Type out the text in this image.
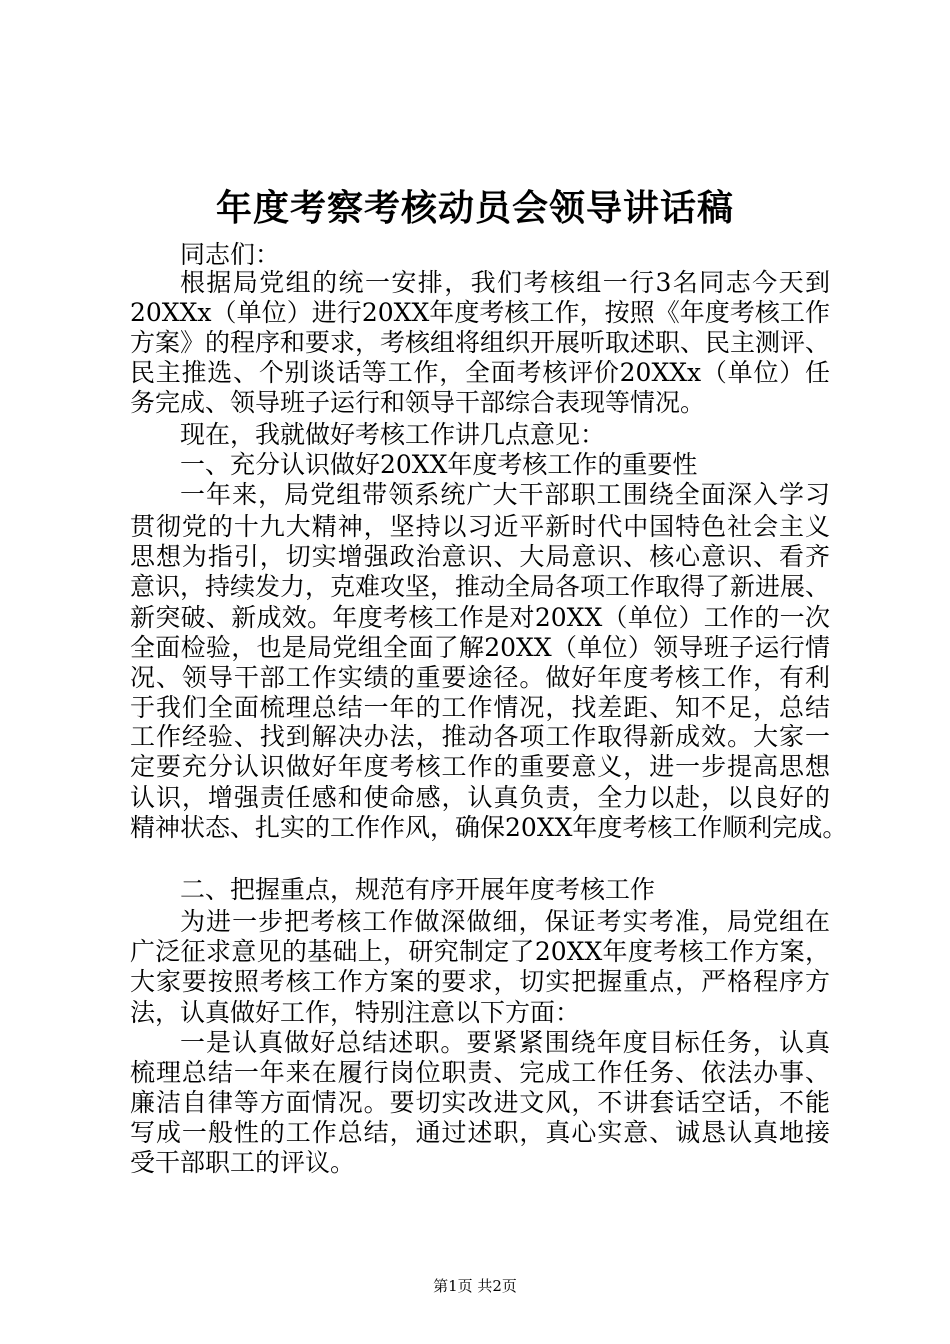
年度考察考核动员会领导讲话稿
同志们：
根据局党组的统一安排，我们考核组一行3名同志今天到
20XXx（单位）进行20XX年度考核工作，按照《年度考核工作
方案》的程序和要求，考核组将组织开展听取述职、民主测评、
民主推选、个别谈话等工作，全面考核评价20XXx（单位）任
务完成、领导班子运行和领导干部综合表现等情况。
现在，我就做好考核工作讲几点意见：
一、充分认识做好20XX年度考核工作的重要性
一年来，局党组带领系统广大干部职工围绕全面深入学习
贯彻党的十九大精神，坚持以习近平新时代中国特色社会主义
思想为指引，切实增强政治意识、大局意识、核心意识、看齐
意识，持续发力，克难攻坚，推动全局各项工作取得了新进展、
新突破、新成效。年度考核工作是对20XX（单位）工作的一次
全面检验，也是局党组全面了解20XX（单位）领导班子运行情
况、领导干部工作实绩的重要途径。做好年度考核工作，有利
于我们全面梳理总结一年的工作情况，找差距、知不足，总结
工作经验、找到解决办法，推动各项工作取得新成效。大家一
定要充分认识做好年度考核工作的重要意义，进一步提高思想
认识，增强责任感和使命感，认真负责，全力以赴，以良好的
精神状态、扎实的工作作风，确保20XX年度考核工作顺利完成。
二、把握重点，规范有序开展年度考核工作
为进一步把考核工作做深做细，保证考实考准，局党组在
广泛征求意见的基础上，研究制定了20XX年度考核工作方案，
大家要按照考核工作方案的要求，切实把握重点，严格程序方
法，认真做好工作，特别注意以下方面：
一是认真做好总结述职。要紧紧围绕年度目标任务，认真
梳理总结一年来在履行岗位职责、完成工作任务、依法办事、
廉洁自律等方面情况。要切实改进文风，不讲套话空话，不能
写成一般性的工作总结，通过述职，真心实意、诚恳认真地接
受干部职工的评议。
第1页 共2页
